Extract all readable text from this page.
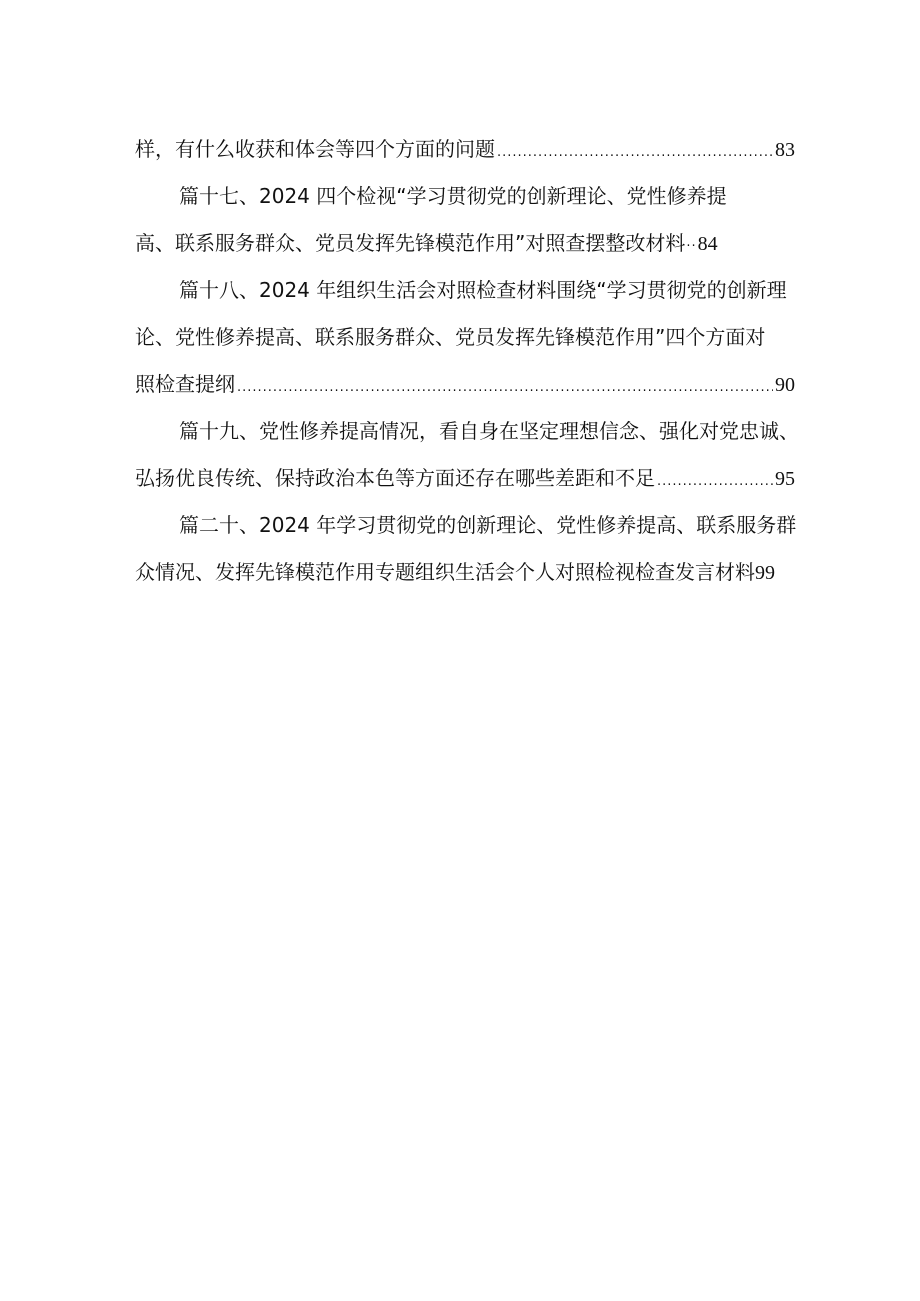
样，有什么收获和体会等四个方面的问题 .....	83
篇十七、2024 四个检视“学习贯彻党的创新理论、党性修养提
高、联系服务群众、党员发挥先锋模范作用”对照查摆整改材料 ·· 84
篇十八、2024 年组织生活会对照检查材料围绕“学习贯彻党的创新理
论、党性修养提高、联系服务群众、党员发挥先锋模范作用”四个方面对
照检查提纲 .....	90
篇十九、党性修养提高情况，看自身在坚定理想信念、强化对党忠诚、
弘扬优良传统、保持政治本色等方面还存在哪些差距和不足 .....	95
篇二十、2024 年学习贯彻党的创新理论、党性修养提高、联系服务群
众情况、发挥先锋模范作用专题组织生活会个人对照检视检查发言材料 99
